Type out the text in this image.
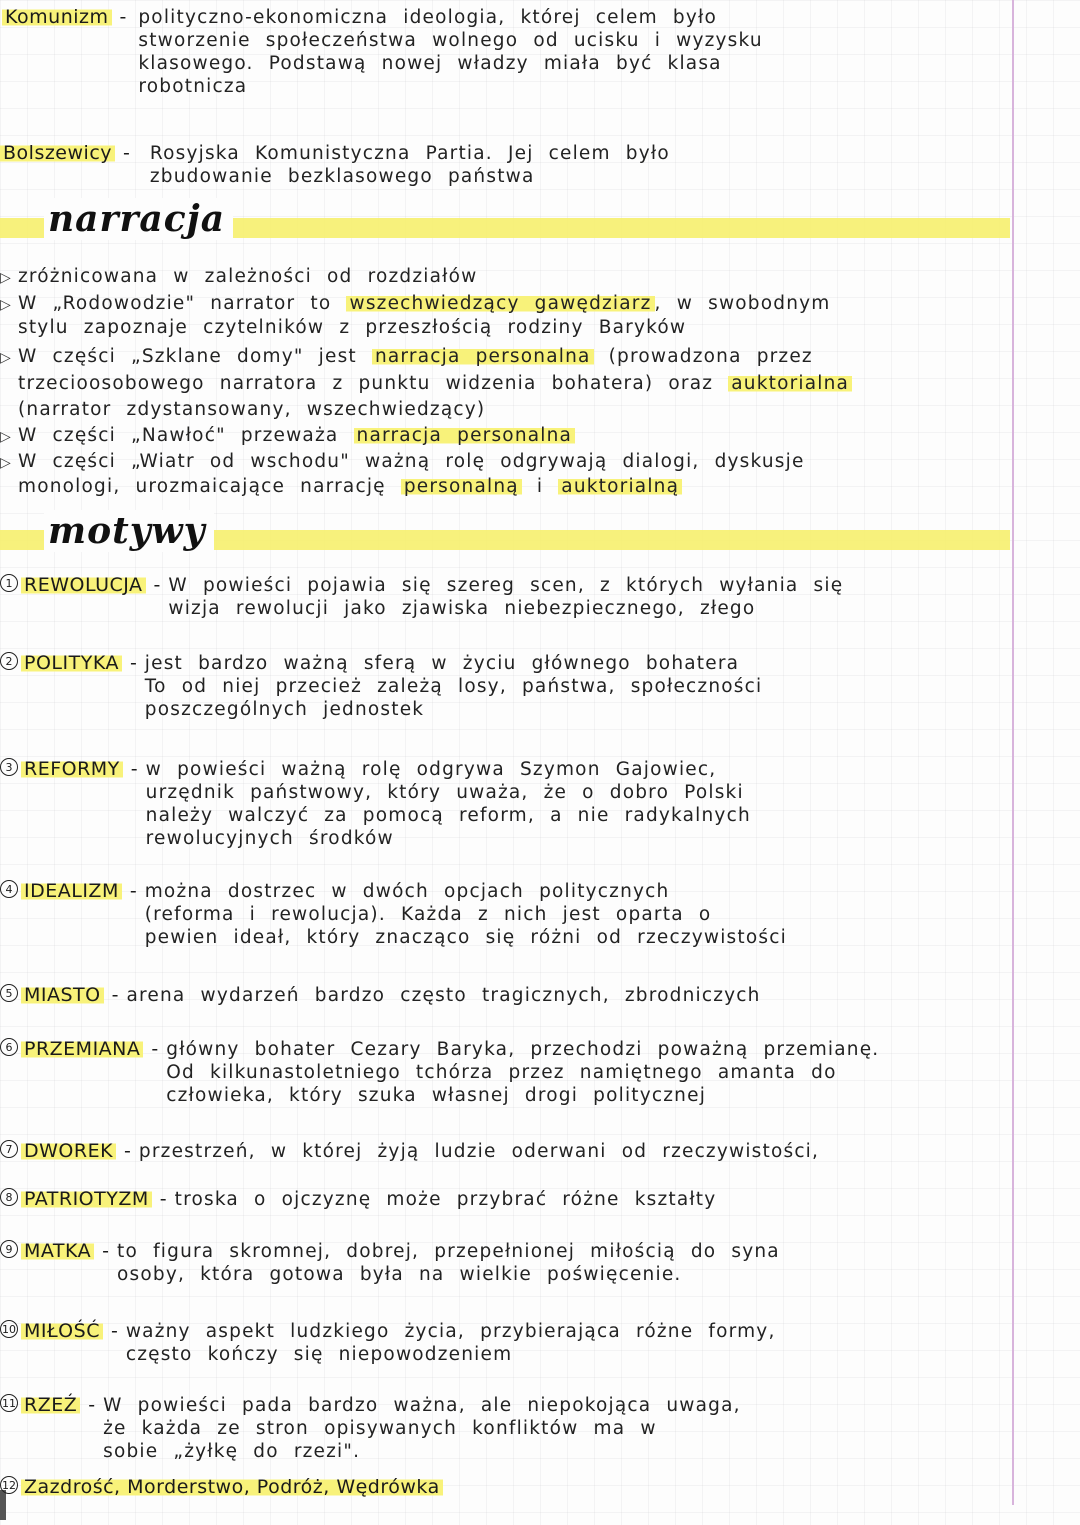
Komunizm - polityczno-ekonomiczna ideologia, której celem było
stworzenie społeczeństwa wolnego od ucisku i wyzysku
klasowego. Podstawą nowej władzy miała być klasa
robotnicza
Bolszewicy - Rosyjska Komunistyczna Partia. Jej celem było
zbudowanie bezklasowego państwa
narracja
▷ zróżnicowana w zależności od rozdziałów
▷ W „Rodowodzie" narrator to wszechwiedzący gawędziarz , w swobodnym
stylu zapoznaje czytelników z przeszłością rodziny Baryków
▷ W części „Szklane domy" jest narracja personalna (prowadzona przez
trzecioosobowego narratora z punktu widzenia bohatera) oraz auktorialna
(narrator zdystansowany, wszechwiedzący)
▷ W części „Nawłoć" przeważa narracja personalna
▷ W części „Wiatr od wschodu" ważną rolę odgrywają dialogi, dyskusje
monologi, urozmaicające narrację personalną i auktorialną
motywy
1 REWOLUCJA - W powieści pojawia się szereg scen, z których wyłania się
wizja rewolucji jako zjawiska niebezpiecznego, złego
2 POLITYKA - jest bardzo ważną sferą w życiu głównego bohatera
To od niej przecież zależą losy, państwa, społeczności
poszczególnych jednostek
3 REFORMY - w powieści ważną rolę odgrywa Szymon Gajowiec,
urzędnik państwowy, który uważa, że o dobro Polski
należy walczyć za pomocą reform, a nie radykalnych
rewolucyjnych środków
4 IDEALIZM - można dostrzec w dwóch opcjach politycznych
(reforma i rewolucja). Każda z nich jest oparta o
pewien ideał, który znacząco się różni od rzeczywistości
5 MIASTO - arena wydarzeń bardzo często tragicznych, zbrodniczych
6 PRZEMIANA - główny bohater Cezary Baryka, przechodzi poważną przemianę.
Od kilkunastoletniego tchórza przez namiętnego amanta do
człowieka, który szuka własnej drogi politycznej
7 DWOREK - przestrzeń, w której żyją ludzie oderwani od rzeczywistości,
8 PATRIOTYZM - troska o ojczyznę może przybrać różne kształty
9 MATKA - to figura skromnej, dobrej, przepełnionej miłością do syna
osoby, która gotowa była na wielkie poświęcenie.
10 MIŁOŚĆ - ważny aspekt ludzkiego życia, przybierająca różne formy,
często kończy się niepowodzeniem
11 RZEŹ - W powieści pada bardzo ważna, ale niepokojąca uwaga,
że każda ze stron opisywanych konfliktów ma w
sobie „żyłkę do rzezi".
12 Zazdrość, Morderstwo, Podróż, Wędrówka
